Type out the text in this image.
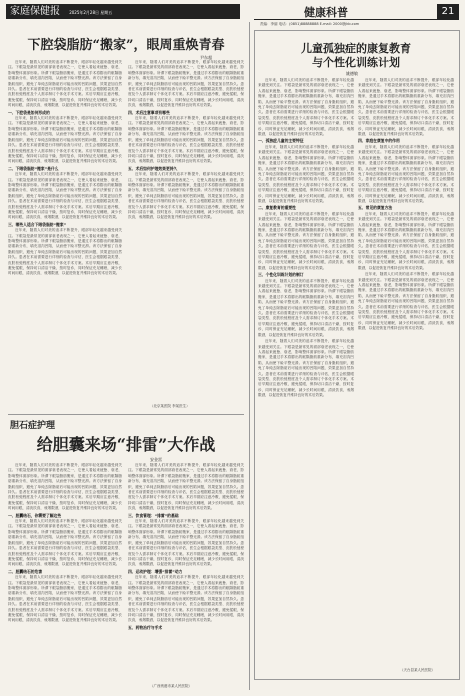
家庭保健报 2025年2月28日 星期五	健康科普	21
责编：李丽 电话：(0851)88888888 E-mail: 2000@jkb.com
下腔袋脂肪“搬家”，眼周重焕青春
尹东超

近年来，随着人们对美的追求不断提升，眼部年轻化越来越受到关注。下眼袋是最常见的面部衰老表现之一，它使人看起来疲惫、衰老，影响整体面部形象。所谓下眼袋脂肪搬家，是通过手术将膨出的眶隔脂肪重新分布，填充泪沟凹陷，从而使下睑平整光滑。该方法保留了自身脂肪组织，避免了单纯去除脂肪后可能出现的凹陷问题，效果更加自然持久。患者在术前需要进行详细的检查与评估，医生会根据眼袋类型、皮肤松弛程度及个人需求制订个体化手术方案。术后早期应注意冷敷，避免揉眼，保持切口清洁干燥，按时复诊，同时保证充足睡眠，减少长时间用眼，清淡饮食，戒烟限酒，以促进恢复并维持良好的术后效果。

一、下腔袋是如何形成的

近年来，随着人们对美的追求不断提升，眼部年轻化越来越受到关注。下眼袋是最常见的面部衰老表现之一，它使人看起来疲惫、衰老，影响整体面部形象。所谓下眼袋脂肪搬家，是通过手术将膨出的眶隔脂肪重新分布，填充泪沟凹陷，从而使下睑平整光滑。该方法保留了自身脂肪组织，避免了单纯去除脂肪后可能出现的凹陷问题，效果更加自然持久。患者在术前需要进行详细的检查与评估，医生会根据眼袋类型、皮肤松弛程度及个人需求制订个体化手术方案。术后早期应注意冷敷，避免揉眼，保持切口清洁干燥，按时复诊，同时保证充足睡眠，减少长时间用眼，清淡饮食，戒烟限酒，以促进恢复并维持良好的术后效果。

二、下眼袋脂肪“搬家”是什么

近年来，随着人们对美的追求不断提升，眼部年轻化越来越受到关注。下眼袋是最常见的面部衰老表现之一，它使人看起来疲惫、衰老，影响整体面部形象。所谓下眼袋脂肪搬家，是通过手术将膨出的眶隔脂肪重新分布，填充泪沟凹陷，从而使下睑平整光滑。该方法保留了自身脂肪组织，避免了单纯去除脂肪后可能出现的凹陷问题，效果更加自然持久。患者在术前需要进行详细的检查与评估，医生会根据眼袋类型、皮肤松弛程度及个人需求制订个体化手术方案。术后早期应注意冷敷，避免揉眼，保持切口清洁干燥，按时复诊，同时保证充足睡眠，减少长时间用眼，清淡饮食，戒烟限酒，以促进恢复并维持良好的术后效果。

三、哪些人适合下眼袋脂肪“搬家”

近年来，随着人们对美的追求不断提升，眼部年轻化越来越受到关注。下眼袋是最常见的面部衰老表现之一，它使人看起来疲惫、衰老，影响整体面部形象。所谓下眼袋脂肪搬家，是通过手术将膨出的眶隔脂肪重新分布，填充泪沟凹陷，从而使下睑平整光滑。该方法保留了自身脂肪组织，避免了单纯去除脂肪后可能出现的凹陷问题，效果更加自然持久。患者在术前需要进行详细的检查与评估，医生会根据眼袋类型、皮肤松弛程度及个人需求制订个体化手术方案。术后早期应注意冷敷，避免揉眼，保持切口清洁干燥，按时复诊，同时保证充足睡眠，减少长时间用眼，清淡饮食，戒烟限酒，以促进恢复并维持良好的术后效果。

近年来，随着人们对美的追求不断提升，眼部年轻化越来越受到关注。下眼袋是最常见的面部衰老表现之一，它使人看起来疲惫、衰老，影响整体面部形象。所谓下眼袋脂肪搬家，是通过手术将膨出的眶隔脂肪重新分布，填充泪沟凹陷，从而使下睑平整光滑。该方法保留了自身脂肪组织，避免了单纯去除脂肪后可能出现的凹陷问题，效果更加自然持久。患者在术前需要进行详细的检查与评估，医生会根据眼袋类型、皮肤松弛程度及个人需求制订个体化手术方案。术后早期应注意冷敷，避免揉眼，保持切口清洁干燥，按时复诊，同时保证充足睡眠，减少长时间用眼，清淡饮食，戒烟限酒，以促进恢复并维持良好的术后效果。

四、术后注意事项有哪些

近年来，随着人们对美的追求不断提升，眼部年轻化越来越受到关注。下眼袋是最常见的面部衰老表现之一，它使人看起来疲惫、衰老，影响整体面部形象。所谓下眼袋脂肪搬家，是通过手术将膨出的眶隔脂肪重新分布，填充泪沟凹陷，从而使下睑平整光滑。该方法保留了自身脂肪组织，避免了单纯去除脂肪后可能出现的凹陷问题，效果更加自然持久。患者在术前需要进行详细的检查与评估，医生会根据眼袋类型、皮肤松弛程度及个人需求制订个体化手术方案。术后早期应注意冷敷，避免揉眼，保持切口清洁干燥，按时复诊，同时保证充足睡眠，减少长时间用眼，清淡饮食，戒烟限酒，以促进恢复并维持良好的术后效果。

五、术后如何护理效果更持久

近年来，随着人们对美的追求不断提升，眼部年轻化越来越受到关注。下眼袋是最常见的面部衰老表现之一，它使人看起来疲惫、衰老，影响整体面部形象。所谓下眼袋脂肪搬家，是通过手术将膨出的眶隔脂肪重新分布，填充泪沟凹陷，从而使下睑平整光滑。该方法保留了自身脂肪组织，避免了单纯去除脂肪后可能出现的凹陷问题，效果更加自然持久。患者在术前需要进行详细的检查与评估，医生会根据眼袋类型、皮肤松弛程度及个人需求制订个体化手术方案。术后早期应注意冷敷，避免揉眼，保持切口清洁干燥，按时复诊，同时保证充足睡眠，减少长时间用眼，清淡饮食，戒烟限酒，以促进恢复并维持良好的术后效果。

（北京某医院 李某医生）
胆石症护理
给胆囊来场“排雷”大作战
安金雷

近年来，随着人们对美的追求不断提升，眼部年轻化越来越受到关注。下眼袋是最常见的面部衰老表现之一，它使人看起来疲惫、衰老，影响整体面部形象。所谓下眼袋脂肪搬家，是通过手术将膨出的眶隔脂肪重新分布，填充泪沟凹陷，从而使下睑平整光滑。该方法保留了自身脂肪组织，避免了单纯去除脂肪后可能出现的凹陷问题，效果更加自然持久。患者在术前需要进行详细的检查与评估，医生会根据眼袋类型、皮肤松弛程度及个人需求制订个体化手术方案。术后早期应注意冷敷，避免揉眼，保持切口清洁干燥，按时复诊，同时保证充足睡眠，减少长时间用眼，清淡饮食，戒烟限酒，以促进恢复并维持良好的术后效果。

一、胆囊结石，你需要了解这些

近年来，随着人们对美的追求不断提升，眼部年轻化越来越受到关注。下眼袋是最常见的面部衰老表现之一，它使人看起来疲惫、衰老，影响整体面部形象。所谓下眼袋脂肪搬家，是通过手术将膨出的眶隔脂肪重新分布，填充泪沟凹陷，从而使下睑平整光滑。该方法保留了自身脂肪组织，避免了单纯去除脂肪后可能出现的凹陷问题，效果更加自然持久。患者在术前需要进行详细的检查与评估，医生会根据眼袋类型、皮肤松弛程度及个人需求制订个体化手术方案。术后早期应注意冷敷，避免揉眼，保持切口清洁干燥，按时复诊，同时保证充足睡眠，减少长时间用眼，清淡饮食，戒烟限酒，以促进恢复并维持良好的术后效果。

二、胆囊结石的危害

近年来，随着人们对美的追求不断提升，眼部年轻化越来越受到关注。下眼袋是最常见的面部衰老表现之一，它使人看起来疲惫、衰老，影响整体面部形象。所谓下眼袋脂肪搬家，是通过手术将膨出的眶隔脂肪重新分布，填充泪沟凹陷，从而使下睑平整光滑。该方法保留了自身脂肪组织，避免了单纯去除脂肪后可能出现的凹陷问题，效果更加自然持久。患者在术前需要进行详细的检查与评估，医生会根据眼袋类型、皮肤松弛程度及个人需求制订个体化手术方案。术后早期应注意冷敷，避免揉眼，保持切口清洁干燥，按时复诊，同时保证充足睡眠，减少长时间用眼，清淡饮食，戒烟限酒，以促进恢复并维持良好的术后效果。

近年来，随着人们对美的追求不断提升，眼部年轻化越来越受到关注。下眼袋是最常见的面部衰老表现之一，它使人看起来疲惫、衰老，影响整体面部形象。所谓下眼袋脂肪搬家，是通过手术将膨出的眶隔脂肪重新分布，填充泪沟凹陷，从而使下睑平整光滑。该方法保留了自身脂肪组织，避免了单纯去除脂肪后可能出现的凹陷问题，效果更加自然持久。患者在术前需要进行详细的检查与评估，医生会根据眼袋类型、皮肤松弛程度及个人需求制订个体化手术方案。术后早期应注意冷敷，避免揉眼，保持切口清洁干燥，按时复诊，同时保证充足睡眠，减少长时间用眼，清淡饮食，戒烟限酒，以促进恢复并维持良好的术后效果。

三、饮食管理：“排雷”的基础

近年来，随着人们对美的追求不断提升，眼部年轻化越来越受到关注。下眼袋是最常见的面部衰老表现之一，它使人看起来疲惫、衰老，影响整体面部形象。所谓下眼袋脂肪搬家，是通过手术将膨出的眶隔脂肪重新分布，填充泪沟凹陷，从而使下睑平整光滑。该方法保留了自身脂肪组织，避免了单纯去除脂肪后可能出现的凹陷问题，效果更加自然持久。患者在术前需要进行详细的检查与评估，医生会根据眼袋类型、皮肤松弛程度及个人需求制订个体化手术方案。术后早期应注意冷敷，避免揉眼，保持切口清洁干燥，按时复诊，同时保证充足睡眠，减少长时间用眼，清淡饮食，戒烟限酒，以促进恢复并维持良好的术后效果。

四、运动护理：增强“排雷”动力

近年来，随着人们对美的追求不断提升，眼部年轻化越来越受到关注。下眼袋是最常见的面部衰老表现之一，它使人看起来疲惫、衰老，影响整体面部形象。所谓下眼袋脂肪搬家，是通过手术将膨出的眶隔脂肪重新分布，填充泪沟凹陷，从而使下睑平整光滑。该方法保留了自身脂肪组织，避免了单纯去除脂肪后可能出现的凹陷问题，效果更加自然持久。患者在术前需要进行详细的检查与评估，医生会根据眼袋类型、皮肤松弛程度及个人需求制订个体化手术方案。术后早期应注意冷敷，避免揉眼，保持切口清洁干燥，按时复诊，同时保证充足睡眠，减少长时间用眼，清淡饮食，戒烟限酒，以促进恢复并维持良好的术后效果。

五、药物治疗与手术
（广西贵港市某人民医院）
儿童孤独症的康复教育
与个性化训练计划
姚德敏

近年来，随着人们对美的追求不断提升，眼部年轻化越来越受到关注。下眼袋是最常见的面部衰老表现之一，它使人看起来疲惫、衰老，影响整体面部形象。所谓下眼袋脂肪搬家，是通过手术将膨出的眶隔脂肪重新分布，填充泪沟凹陷，从而使下睑平整光滑。该方法保留了自身脂肪组织，避免了单纯去除脂肪后可能出现的凹陷问题，效果更加自然持久。患者在术前需要进行详细的检查与评估，医生会根据眼袋类型、皮肤松弛程度及个人需求制订个体化手术方案。术后早期应注意冷敷，避免揉眼，保持切口清洁干燥，按时复诊，同时保证充足睡眠，减少长时间用眼，清淡饮食，戒烟限酒，以促进恢复并维持良好的术后效果。

一、孤独症儿童的主要特征

近年来，随着人们对美的追求不断提升，眼部年轻化越来越受到关注。下眼袋是最常见的面部衰老表现之一，它使人看起来疲惫、衰老，影响整体面部形象。所谓下眼袋脂肪搬家，是通过手术将膨出的眶隔脂肪重新分布，填充泪沟凹陷，从而使下睑平整光滑。该方法保留了自身脂肪组织，避免了单纯去除脂肪后可能出现的凹陷问题，效果更加自然持久。患者在术前需要进行详细的检查与评估，医生会根据眼袋类型、皮肤松弛程度及个人需求制订个体化手术方案。术后早期应注意冷敷，避免揉眼，保持切口清洁干燥，按时复诊，同时保证充足睡眠，减少长时间用眼，清淡饮食，戒烟限酒，以促进恢复并维持良好的术后效果。

二、康复教育的重要性

近年来，随着人们对美的追求不断提升，眼部年轻化越来越受到关注。下眼袋是最常见的面部衰老表现之一，它使人看起来疲惫、衰老，影响整体面部形象。所谓下眼袋脂肪搬家，是通过手术将膨出的眶隔脂肪重新分布，填充泪沟凹陷，从而使下睑平整光滑。该方法保留了自身脂肪组织，避免了单纯去除脂肪后可能出现的凹陷问题，效果更加自然持久。患者在术前需要进行详细的检查与评估，医生会根据眼袋类型、皮肤松弛程度及个人需求制订个体化手术方案。术后早期应注意冷敷，避免揉眼，保持切口清洁干燥，按时复诊，同时保证充足睡眠，减少长时间用眼，清淡饮食，戒烟限酒，以促进恢复并维持良好的术后效果。

三、个性化训练计划的制订

近年来，随着人们对美的追求不断提升，眼部年轻化越来越受到关注。下眼袋是最常见的面部衰老表现之一，它使人看起来疲惫、衰老，影响整体面部形象。所谓下眼袋脂肪搬家，是通过手术将膨出的眶隔脂肪重新分布，填充泪沟凹陷，从而使下睑平整光滑。该方法保留了自身脂肪组织，避免了单纯去除脂肪后可能出现的凹陷问题，效果更加自然持久。患者在术前需要进行详细的检查与评估，医生会根据眼袋类型、皮肤松弛程度及个人需求制订个体化手术方案。术后早期应注意冷敷，避免揉眼，保持切口清洁干燥，按时复诊，同时保证充足睡眠，减少长时间用眼，清淡饮食，戒烟限酒，以促进恢复并维持良好的术后效果。

近年来，随着人们对美的追求不断提升，眼部年轻化越来越受到关注。下眼袋是最常见的面部衰老表现之一，它使人看起来疲惫、衰老，影响整体面部形象。所谓下眼袋脂肪搬家，是通过手术将膨出的眶隔脂肪重新分布，填充泪沟凹陷，从而使下睑平整光滑。该方法保留了自身脂肪组织，避免了单纯去除脂肪后可能出现的凹陷问题，效果更加自然持久。患者在术前需要进行详细的检查与评估，医生会根据眼袋类型、皮肤松弛程度及个人需求制订个体化手术方案。术后早期应注意冷敷，避免揉眼，保持切口清洁干燥，按时复诊，同时保证充足睡眠，减少长时间用眼，清淡饮食，戒烟限酒，以促进恢复并维持良好的术后效果。

近年来，随着人们对美的追求不断提升，眼部年轻化越来越受到关注。下眼袋是最常见的面部衰老表现之一，它使人看起来疲惫、衰老，影响整体面部形象。所谓下眼袋脂肪搬家，是通过手术将膨出的眶隔脂肪重新分布，填充泪沟凹陷，从而使下睑平整光滑。该方法保留了自身脂肪组织，避免了单纯去除脂肪后可能出现的凹陷问题，效果更加自然持久。患者在术前需要进行详细的检查与评估，医生会根据眼袋类型、皮肤松弛程度及个人需求制订个体化手术方案。术后早期应注意冷敷，避免揉眼，保持切口清洁干燥，按时复诊，同时保证充足睡眠，减少长时间用眼，清淡饮食，戒烟限酒，以促进恢复并维持良好的术后效果。

四、家庭在康复中的作用

近年来，随着人们对美的追求不断提升，眼部年轻化越来越受到关注。下眼袋是最常见的面部衰老表现之一，它使人看起来疲惫、衰老，影响整体面部形象。所谓下眼袋脂肪搬家，是通过手术将膨出的眶隔脂肪重新分布，填充泪沟凹陷，从而使下睑平整光滑。该方法保留了自身脂肪组织，避免了单纯去除脂肪后可能出现的凹陷问题，效果更加自然持久。患者在术前需要进行详细的检查与评估，医生会根据眼袋类型、皮肤松弛程度及个人需求制订个体化手术方案。术后早期应注意冷敷，避免揉眼，保持切口清洁干燥，按时复诊，同时保证充足睡眠，减少长时间用眼，清淡饮食，戒烟限酒，以促进恢复并维持良好的术后效果。

五、常见的康复方法

近年来，随着人们对美的追求不断提升，眼部年轻化越来越受到关注。下眼袋是最常见的面部衰老表现之一，它使人看起来疲惫、衰老，影响整体面部形象。所谓下眼袋脂肪搬家，是通过手术将膨出的眶隔脂肪重新分布，填充泪沟凹陷，从而使下睑平整光滑。该方法保留了自身脂肪组织，避免了单纯去除脂肪后可能出现的凹陷问题，效果更加自然持久。患者在术前需要进行详细的检查与评估，医生会根据眼袋类型、皮肤松弛程度及个人需求制订个体化手术方案。术后早期应注意冷敷，避免揉眼，保持切口清洁干燥，按时复诊，同时保证充足睡眠，减少长时间用眼，清淡饮食，戒烟限酒，以促进恢复并维持良好的术后效果。

近年来，随着人们对美的追求不断提升，眼部年轻化越来越受到关注。下眼袋是最常见的面部衰老表现之一，它使人看起来疲惫、衰老，影响整体面部形象。所谓下眼袋脂肪搬家，是通过手术将膨出的眶隔脂肪重新分布，填充泪沟凹陷，从而使下睑平整光滑。该方法保留了自身脂肪组织，避免了单纯去除脂肪后可能出现的凹陷问题，效果更加自然持久。患者在术前需要进行详细的检查与评估，医生会根据眼袋类型、皮肤松弛程度及个人需求制订个体化手术方案。术后早期应注意冷敷，避免揉眼，保持切口清洁干燥，按时复诊，同时保证充足睡眠，减少长时间用眼，清淡饮食，戒烟限酒，以促进恢复并维持良好的术后效果。

（天台县某人民医院）
